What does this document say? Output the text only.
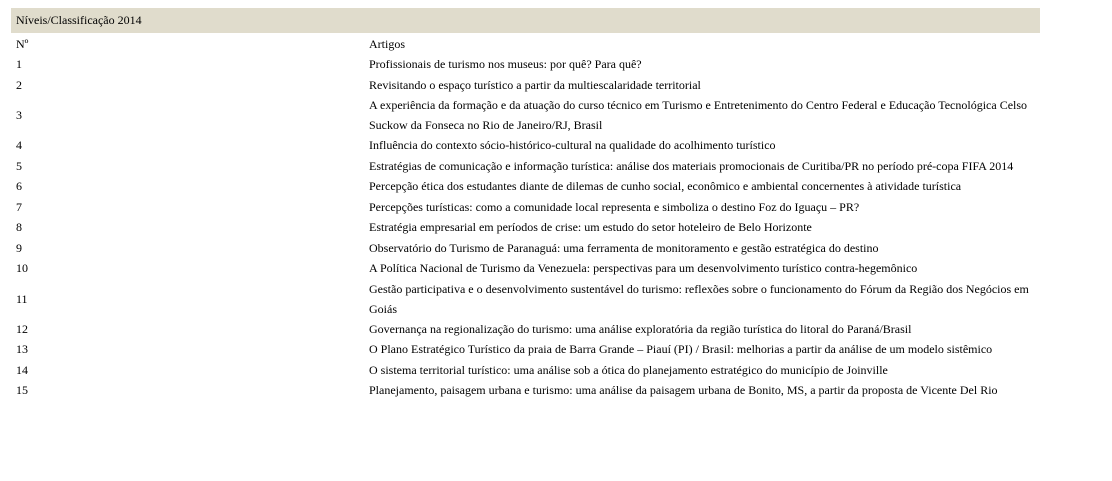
Níveis/Classificação 2014
Nº	Artigos
1	Profissionais de turismo nos museus: por quê? Para quê?
2	Revisitando o espaço turístico a partir da multiescalaridade territorial
3	A experiência da formação e da atuação do curso técnico em Turismo e Entretenimento do Centro Federal e Educação Tecnológica Celso Suckow da Fonseca no Rio de Janeiro/RJ, Brasil
4	Influência do contexto sócio-histórico-cultural na qualidade do acolhimento turístico
5	Estratégias de comunicação e informação turística: análise dos materiais promocionais de Curitiba/PR no período pré-copa FIFA 2014
6	Percepção ética dos estudantes diante de dilemas de cunho social, econômico e ambiental concernentes à atividade turística
7	Percepções turísticas: como a comunidade local representa e simboliza o destino Foz do Iguaçu – PR?
8	Estratégia empresarial em períodos de crise: um estudo do setor hoteleiro de Belo Horizonte
9	Observatório do Turismo de Paranaguá: uma ferramenta de monitoramento e gestão estratégica do destino
10	A Política Nacional de Turismo da Venezuela: perspectivas para um desenvolvimento turístico contra-hegemônico
11	Gestão participativa e o desenvolvimento sustentável do turismo: reflexões sobre o funcionamento do Fórum da Região dos Negócios em Goiás
12	Governança na regionalização do turismo: uma análise exploratória da região turística do litoral do Paraná/Brasil
13	O Plano Estratégico Turístico da praia de Barra Grande – Piauí (PI) / Brasil: melhorias a partir da análise de um modelo sistêmico
14	O sistema territorial turístico: uma análise sob a ótica do planejamento estratégico do município de Joinville
15	Planejamento, paisagem urbana e turismo: uma análise da paisagem urbana de Bonito, MS, a partir da proposta de Vicente Del Rio
